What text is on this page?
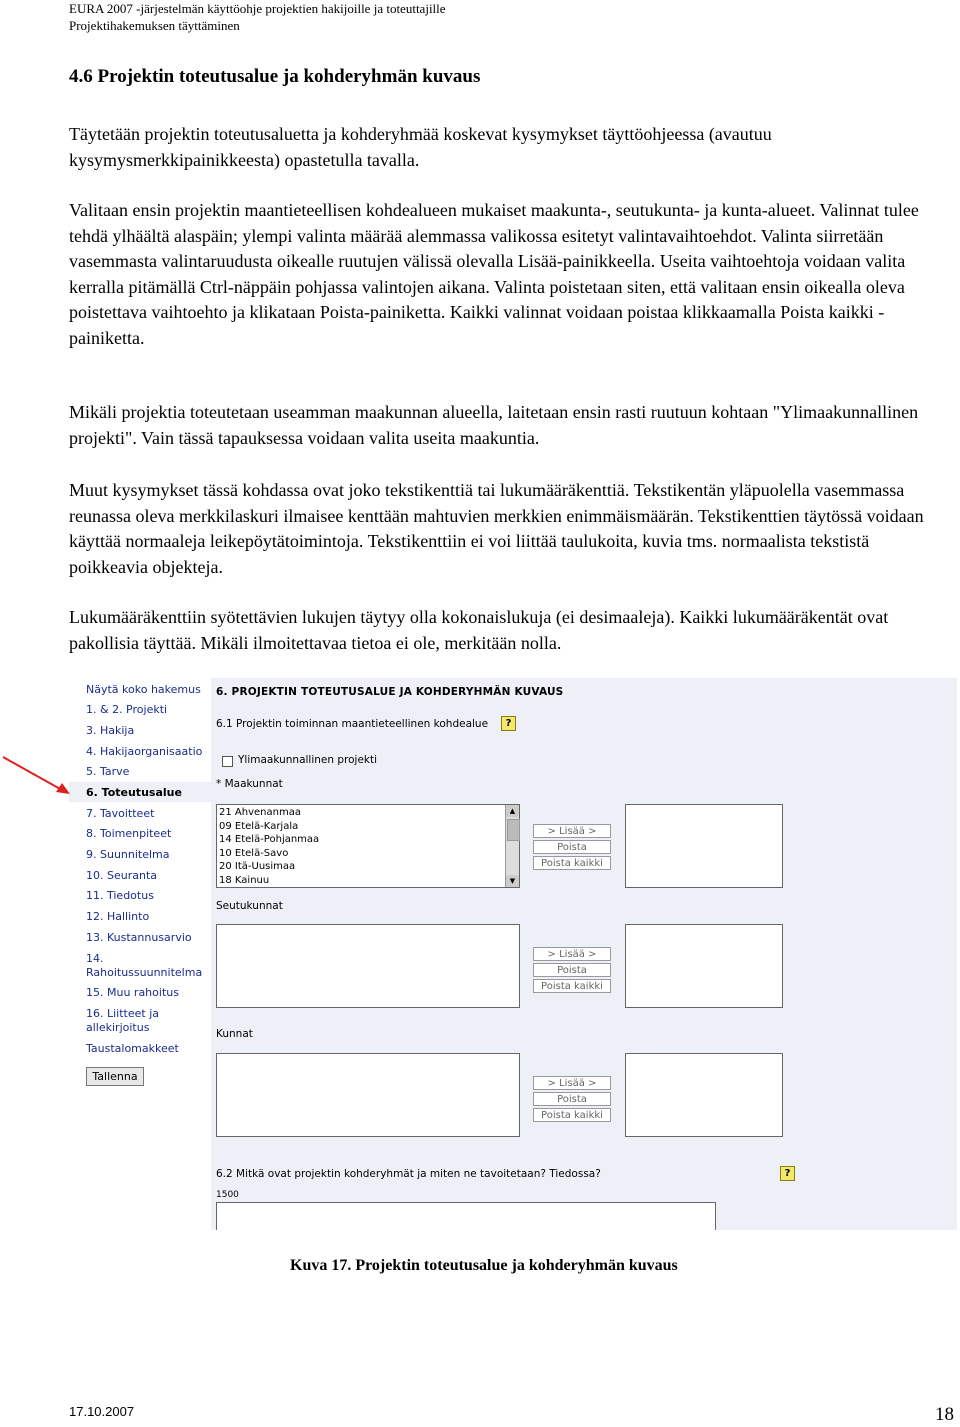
EURA 2007 -järjestelmän käyttöohje projektien hakijoille ja toteuttajille
Projektihakemuksen täyttäminen
4.6 Projektin toteutusalue ja kohderyhmän kuvaus

Täytetään projektin toteutusaluetta ja kohderyhmää koskevat kysymykset täyttöohjeessa (avautuu kysymysmerkkipainikkeesta) opastetulla tavalla.

Valitaan ensin projektin maantieteellisen kohdealueen mukaiset maakunta-, seutukunta- ja kunta-alueet. Valinnat tulee tehdä ylhäältä alaspäin; ylempi valinta määrää alemmassa valikossa esitetyt valintavaihtoehdot. Valinta siirretään vasemmasta valintaruudusta oikealle ruutujen välissä olevalla Lisää-painikkeella. Useita vaihtoehtoja voidaan valita kerralla pitämällä Ctrl-näppäin pohjassa valintojen aikana. Valinta poistetaan siten, että valitaan ensin oikealla oleva poistettava vaihtoehto ja klikataan Poista-painiketta. Kaikki valinnat voidaan poistaa klikkaamalla Poista kaikki -painiketta.

Mikäli projektia toteutetaan useamman maakunnan alueella, laitetaan ensin rasti ruutuun kohtaan "Ylimaakunnallinen projekti". Vain tässä tapauksessa voidaan valita useita maakuntia.

Muut kysymykset tässä kohdassa ovat joko tekstikenttiä tai lukumääräkenttiä. Tekstikentän yläpuolella vasemmassa reunassa oleva merkkilaskuri ilmaisee kenttään mahtuvien merkkien enimmäismäärän. Tekstikenttien täytössä voidaan käyttää normaaleja leikepöytätoimintoja. Tekstikenttiin ei voi liittää taulukoita, kuvia tms. normaalista tekstistä poikkeavia objekteja.

Lukumääräkenttiin syötettävien lukujen täytyy olla kokonaislukuja (ei desimaaleja). Kaikki lukumääräkentät ovat pakollisia täyttää. Mikäli ilmoitettavaa tietoa ei ole, merkitään nolla.

Näytä koko hakemus
1. & 2. Projekti
3. Hakija
4. Hakijaorganisaatio
5. Tarve
6. Toteutusalue
7. Tavoitteet
8. Toimenpiteet
9. Suunnitelma
10. Seuranta
11. Tiedotus
12. Hallinto
13. Kustannusarvio
14. Rahoitussuunnitelma
15. Muu rahoitus
16. Liitteet ja allekirjoitus
Taustalomakkeet
Tallenna
6. PROJEKTIN TOTEUTUSALUE JA KOHDERYHMÄN KUVAUS
6.1 Projektin toiminnan maantieteellinen kohdealue	?
Ylimaakunnallinen projekti
* Maakunnat
21 Ahvenanmaa
09 Etelä-Karjala
14 Etelä-Pohjanmaa
10 Etelä-Savo
20 Itä-Uusimaa
18 Kainuu
▲
▼
> Lisää >
Poista
Poista kaikki
Seutukunnat
> Lisää >
Poista
Poista kaikki
Kunnat
> Lisää >
Poista
Poista kaikki
6.2 Mitkä ovat projektin kohderyhmät ja miten ne tavoitetaan? Tiedossa?	?
1500
Kuva 17. Projektin toteutusalue ja kohderyhmän kuvaus
17.10.2007	18
